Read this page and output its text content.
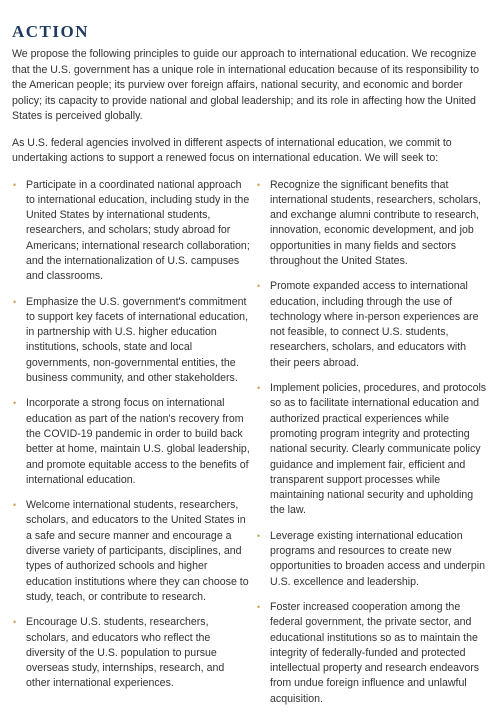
ACTION

We propose the following principles to guide our approach to international education. We recognize that the U.S. government has a unique role in international education because of its responsibility to the American people; its purview over foreign affairs, national security, and economic and border policy; its capacity to provide national and global leadership; and its role in affecting how the United States is perceived globally.

As U.S. federal agencies involved in different aspects of international education, we commit to undertaking actions to support a renewed focus on international education. We will seek to:

• Participate in a coordinated national approach to international education, including study in the United States by international students, researchers, and scholars; study abroad for Americans; international research collaboration; and the internationalization of U.S. campuses and classrooms.
• Emphasize the U.S. government's commitment to support key facets of international education, in partnership with U.S. higher education institutions, schools, state and local governments, non-governmental entities, the business community, and other stakeholders.
• Incorporate a strong focus on international education as part of the nation's recovery from the COVID-19 pandemic in order to build back better at home, maintain U.S. global leadership, and promote equitable access to the benefits of international education.
• Welcome international students, researchers, scholars, and educators to the United States in a safe and secure manner and encourage a diverse variety of participants, disciplines, and types of authorized schools and higher education institutions where they can choose to study, teach, or contribute to research.
• Encourage U.S. students, researchers, scholars, and educators who reflect the diversity of the U.S. population to pursue overseas study, internships, research, and other international experiences.
• Recognize the significant benefits that international students, researchers, scholars, and exchange alumni contribute to research, innovation, economic development, and job opportunities in many fields and sectors throughout the United States.
• Promote expanded access to international education, including through the use of technology where in-person experiences are not feasible, to connect U.S. students, researchers, scholars, and educators with their peers abroad.
• Implement policies, procedures, and protocols so as to facilitate international education and authorized practical experiences while promoting program integrity and protecting national security. Clearly communicate policy guidance and implement fair, efficient and transparent support processes while maintaining national security and upholding the law.
• Leverage existing international education programs and resources to create new opportunities to broaden access and underpin U.S. excellence and leadership.
• Foster increased cooperation among the federal government, the private sector, and educational institutions so as to maintain the integrity of federally-funded and protected intellectual property and research endeavors from undue foreign influence and unlawful acquisition.
